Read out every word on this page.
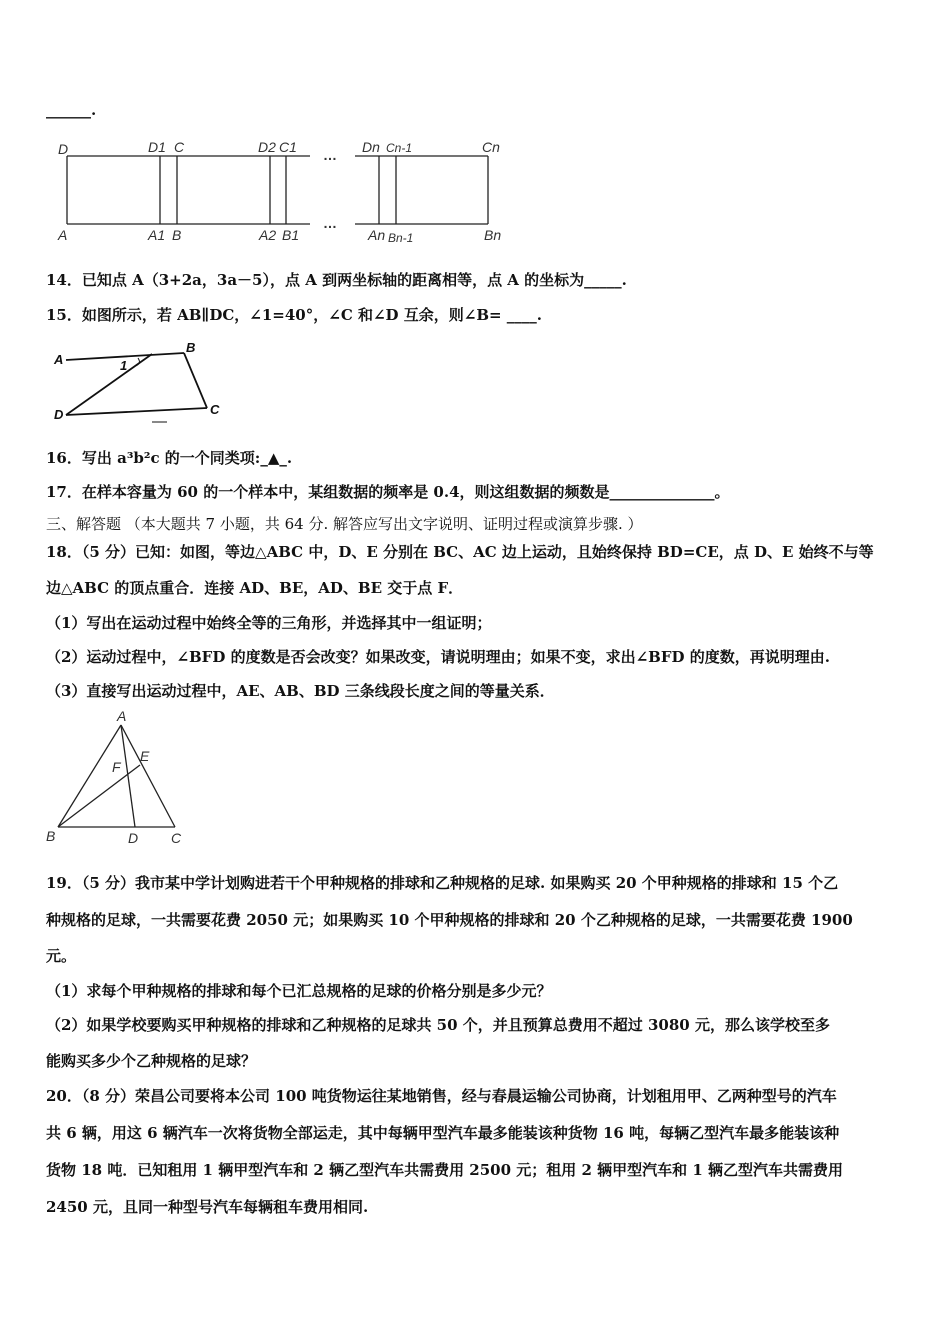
______.
D	D1 C	D2 C1 … Dn Cn-1	Cn
A	A1 B	A2 B1
…
An Bn-1	Bn
14．已知点 A（3+2a，3a－5），点 A 到两坐标轴的距离相等，点 A 的坐标为_____.
15．如图所示，若 AB∥DC，∠1=40°，∠C 和∠D 互余，则∠B= ____.
A
B
1
D	C
16．写出 a³b²c 的一个同类项:_▲_.
17．在样本容量为 60 的一个样本中，某组数据的频率是 0.4，则这组数据的频数是______________。
三、解答题 （本大题共 7 小题，共 64 分. 解答应写出文字说明、证明过程或演算步骤. ）
18．（5 分）已知：如图，等边△ABC 中，D、E 分别在 BC、AC 边上运动，且始终保持 BD=CE，点 D、E 始终不与等
边△ABC 的顶点重合．连接 AD、BE，AD、BE 交于点 F．
（1）写出在运动过程中始终全等的三角形，并选择其中一组证明；
（2）运动过程中，∠BFD 的度数是否会改变？如果改变，请说明理由；如果不变，求出∠BFD 的度数，再说明理由.
（3）直接写出运动过程中，AE、AB、BD 三条线段长度之间的等量关系．
A
E
F
B	D C
19．（5 分）我市某中学计划购进若干个甲种规格的排球和乙种规格的足球. 如果购买 20 个甲种规格的排球和 15 个乙
种规格的足球，一共需要花费 2050 元；如果购买 10 个甲种规格的排球和 20 个乙种规格的足球，一共需要花费 1900
元。
（1）求每个甲种规格的排球和每个已汇总规格的足球的价格分别是多少元？
（2）如果学校要购买甲种规格的排球和乙种规格的足球共 50 个，并且预算总费用不超过 3080 元，那么该学校至多
能购买多少个乙种规格的足球？
20．（8 分）荣昌公司要将本公司 100 吨货物运往某地销售，经与春晨运输公司协商，计划租用甲、乙两种型号的汽车
共 6 辆，用这 6 辆汽车一次将货物全部运走，其中每辆甲型汽车最多能装该种货物 16 吨，每辆乙型汽车最多能装该种
货物 18 吨．已知租用 1 辆甲型汽车和 2 辆乙型汽车共需费用 2500 元；租用 2 辆甲型汽车和 1 辆乙型汽车共需费用
2450 元，且同一种型号汽车每辆租车费用相同.
